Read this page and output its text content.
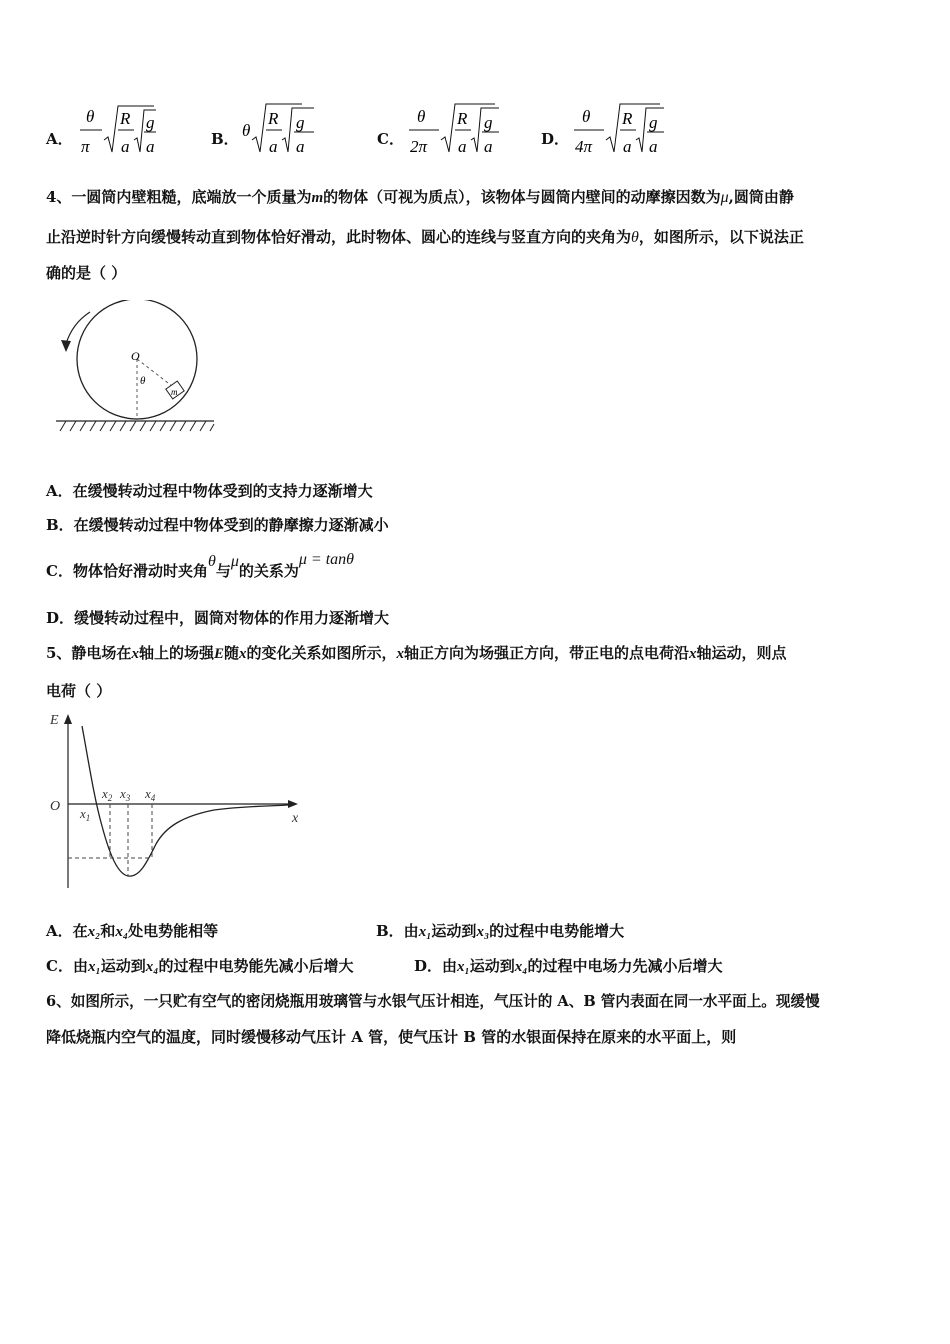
A．
θ
π
R
a
g
a	B． θ
R
a
g
a	C．
θ
2π
R
a
g
a	D．
θ
4π
R
a
g
a
4、一圆筒内壁粗糙，底端放一个质量为m的物体（可视为质点），该物体与圆筒内壁间的动摩擦因数为μ,圆筒由静
止沿逆时针方向缓慢转动直到物体恰好滑动，此时物体、圆心的连线与竖直方向的夹角为θ，如图所示，以下说法正
确的是（ ）
O
θ
m
A．在缓慢转动过程中物体受到的支持力逐渐增大
B．在缓慢转动过程中物体受到的静摩擦力逐渐减小
C．物体恰好滑动时夹角θ与μ的关系为μ = tanθ
D．缓慢转动过程中，圆筒对物体的作用力逐渐增大
5、静电场在x轴上的场强E随x的变化关系如图所示，x轴正方向为场强正方向，带正电的点电荷沿x轴运动，则点
电荷（ ）
E
O
x
$x_1$
$x_2$ $x_3$ $x_4$
A．在x₂和x₄处电势能相等	B．由x₁运动到x₃的过程中电势能增大
C．由x₁运动到x₄的过程中电势能先减小后增大	D．由x₁运动到x₄的过程中电场力先减小后增大
6、如图所示，一只贮有空气的密闭烧瓶用玻璃管与水银气压计相连，气压计的 A、B 管内表面在同一水平面上。现缓慢
降低烧瓶内空气的温度，同时缓慢移动气压计 A 管，使气压计 B 管的水银面保持在原来的水平面上，则
